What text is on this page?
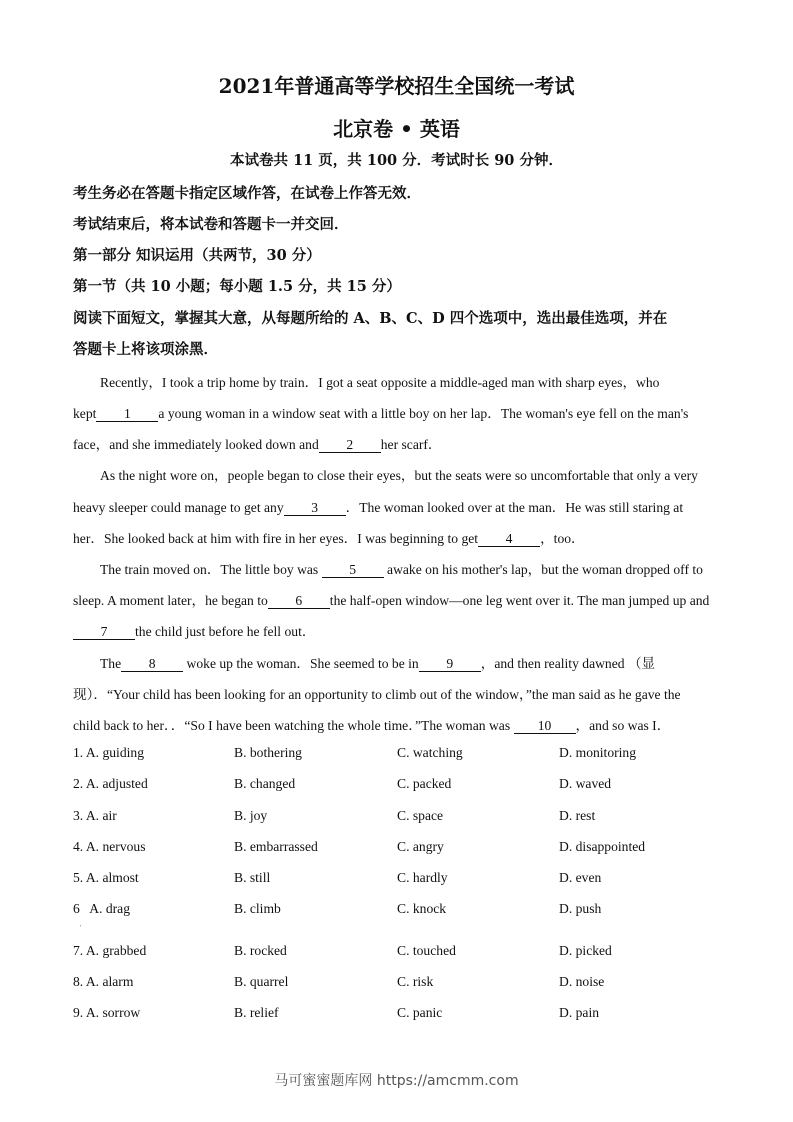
2021年普通高等学校招生全国统一考试
北京卷 • 英语
本试卷共 11 页，共 100 分．考试时长 90 分钟．
考生务必在答题卡指定区域作答，在试卷上作答无效．
考试结束后，将本试卷和答题卡一并交回．
第一部分 知识运用（共两节，30 分）
第一节（共 10 小题；每小题 1.5 分，共 15 分）
阅读下面短文，掌握其大意，从每题所给的 A、B、C、D 四个选项中，选出最佳选项，并在
答题卡上将该项涂黑．
Recently，I took a trip home by train．I got a seat opposite a middle-aged man with sharp eyes，who
kept 1 a young woman in a window seat with a little boy on her lap．The woman's eye fell on the man's
face，and she immediately looked down and 2 her scarf．
As the night wore on，people began to close their eyes，but the seats were so uncomfortable that only a very
heavy sleeper could manage to get any 3 ．The woman looked over at the man．He was still staring at
her．She looked back at him with fire in her eyes．I was beginning to get 4 ，too．
The train moved on．The little boy was 5 awake on his mother's lap，but the woman dropped off to
sleep. A moment later，he began to 6 the half-open window—one leg went over it. The man jumped up and
7 the child just before he fell out．
The 8 woke up the woman．She seemed to be in 9 ，and then reality dawned （显
现）．“Your child has been looking for an opportunity to climb out of the window，”the man said as he gave the
child back to her．．“So I have been watching the whole time．”The woman was 10 ，and so was I．
1. A. guiding	B. bothering	C. watching	D. monitoring
2. A. adjusted	B. changed	C. packed	D. waved
3. A. air	B. joy	C. space	D. rest
4. A. nervous	B. embarrassed	C. angry	D. disappointed
5. A. almost	B. still	C. hardly	D. even
6   A. drag	B. climb	C. knock	D. push
'
7. A. grabbed	B. rocked	C. touched	D. picked
8. A. alarm	B. quarrel	C. risk	D. noise
9. A. sorrow	B. relief	C. panic	D. pain
马可蜜蜜题库网 https://amcmm.com
